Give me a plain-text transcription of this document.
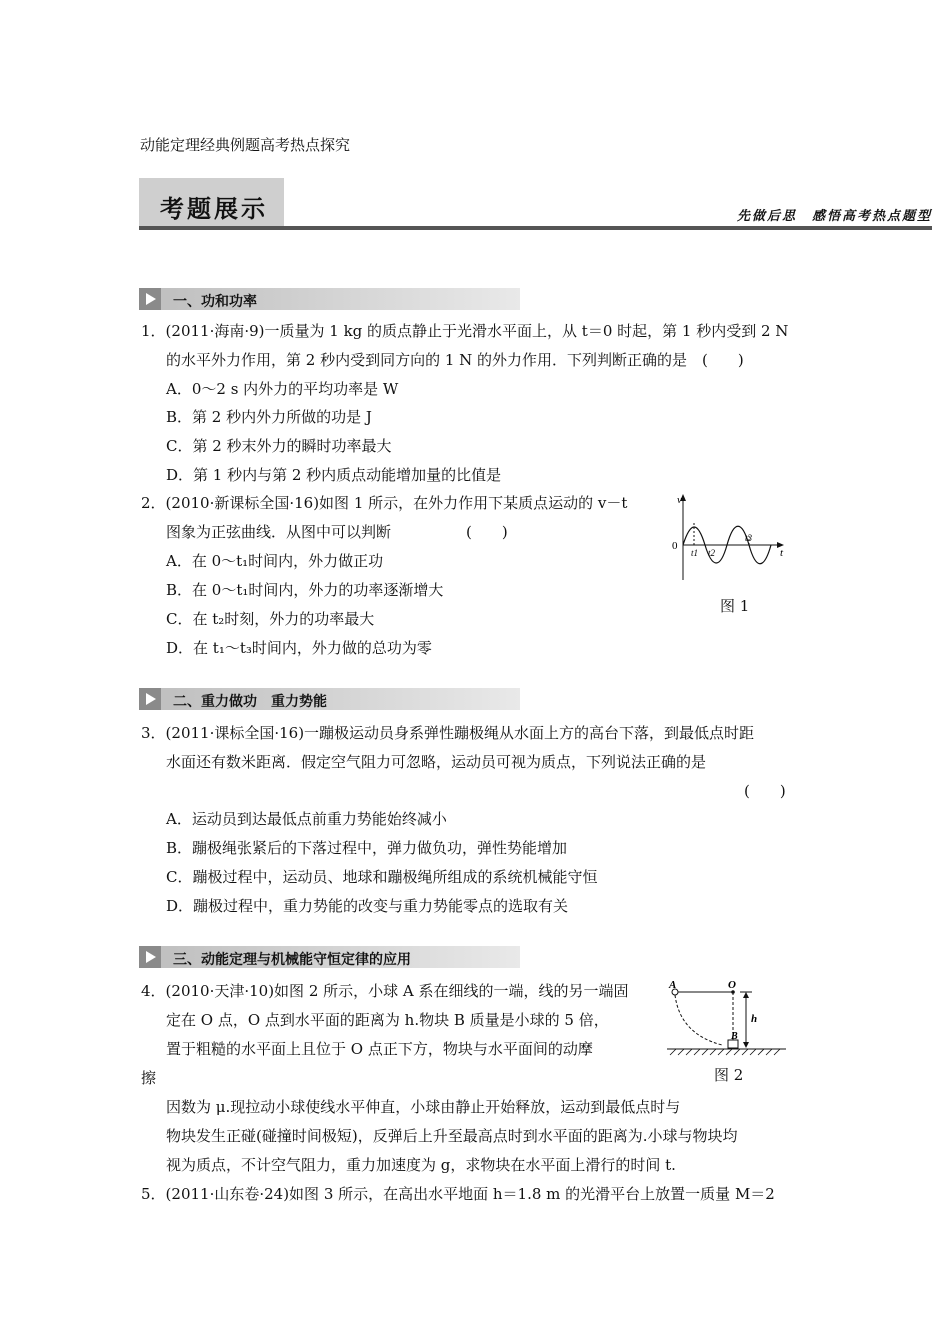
动能定理经典例题高考热点探究
考题展示	先做后思　感悟高考热点题型
一、功和功率
1．(2011·海南·9)一质量为 1 kg 的质点静止于光滑水平面上，从 t＝0 时起，第 1 秒内受到 2 N
的水平外力作用，第 2 秒内受到同方向的 1 N 的外力作用．下列判断正确的是　(　　)
A．0～2 s 内外力的平均功率是 W
B．第 2 秒内外力所做的功是 J
C．第 2 秒末外力的瞬时功率最大
D．第 1 秒内与第 2 秒内质点动能增加量的比值是
2．(2010·新课标全国·16)如图 1 所示，在外力作用下某质点运动的 v－t
图象为正弦曲线．从图中可以判断　　　　　(　　)
A．在 0～t₁时间内，外力做正功
B．在 0～t₁时间内，外力的功率逐渐增大
C．在 t₂时刻，外力的功率最大
D．在 t₁～t₃时间内，外力做的总功为零
v
t
0
t1 t2
t3
图 1
二、重力做功　重力势能
3．(2011·课标全国·16)一蹦极运动员身系弹性蹦极绳从水面上方的高台下落，到最低点时距
水面还有数米距离．假定空气阻力可忽略，运动员可视为质点，下列说法正确的是
(　　)
A．运动员到达最低点前重力势能始终减小
B．蹦极绳张紧后的下落过程中，弹力做负功，弹性势能增加
C．蹦极过程中，运动员、地球和蹦极绳所组成的系统机械能守恒
D．蹦极过程中，重力势能的改变与重力势能零点的选取有关
三、动能定理与机械能守恒定律的应用
4．(2010·天津·10)如图 2 所示，小球 A 系在细线的一端，线的另一端固
定在 O 点，O 点到水平面的距离为 h.物块 B 质量是小球的 5 倍，
置于粗糙的水平面上且位于 O 点正下方，物块与水平面间的动摩
擦
因数为 μ.现拉动小球使线水平伸直，小球由静止开始释放，运动到最低点时与
物块发生正碰(碰撞时间极短)，反弹后上升至最高点时到水平面的距离为.小球与物块均
视为质点，不计空气阻力，重力加速度为 g，求物块在水平面上滑行的时间 t.
A	O
h
B
图 2
5．(2011·山东卷·24)如图 3 所示，在高出水平地面 h＝1.8 m 的光滑平台上放置一质量 M＝2
